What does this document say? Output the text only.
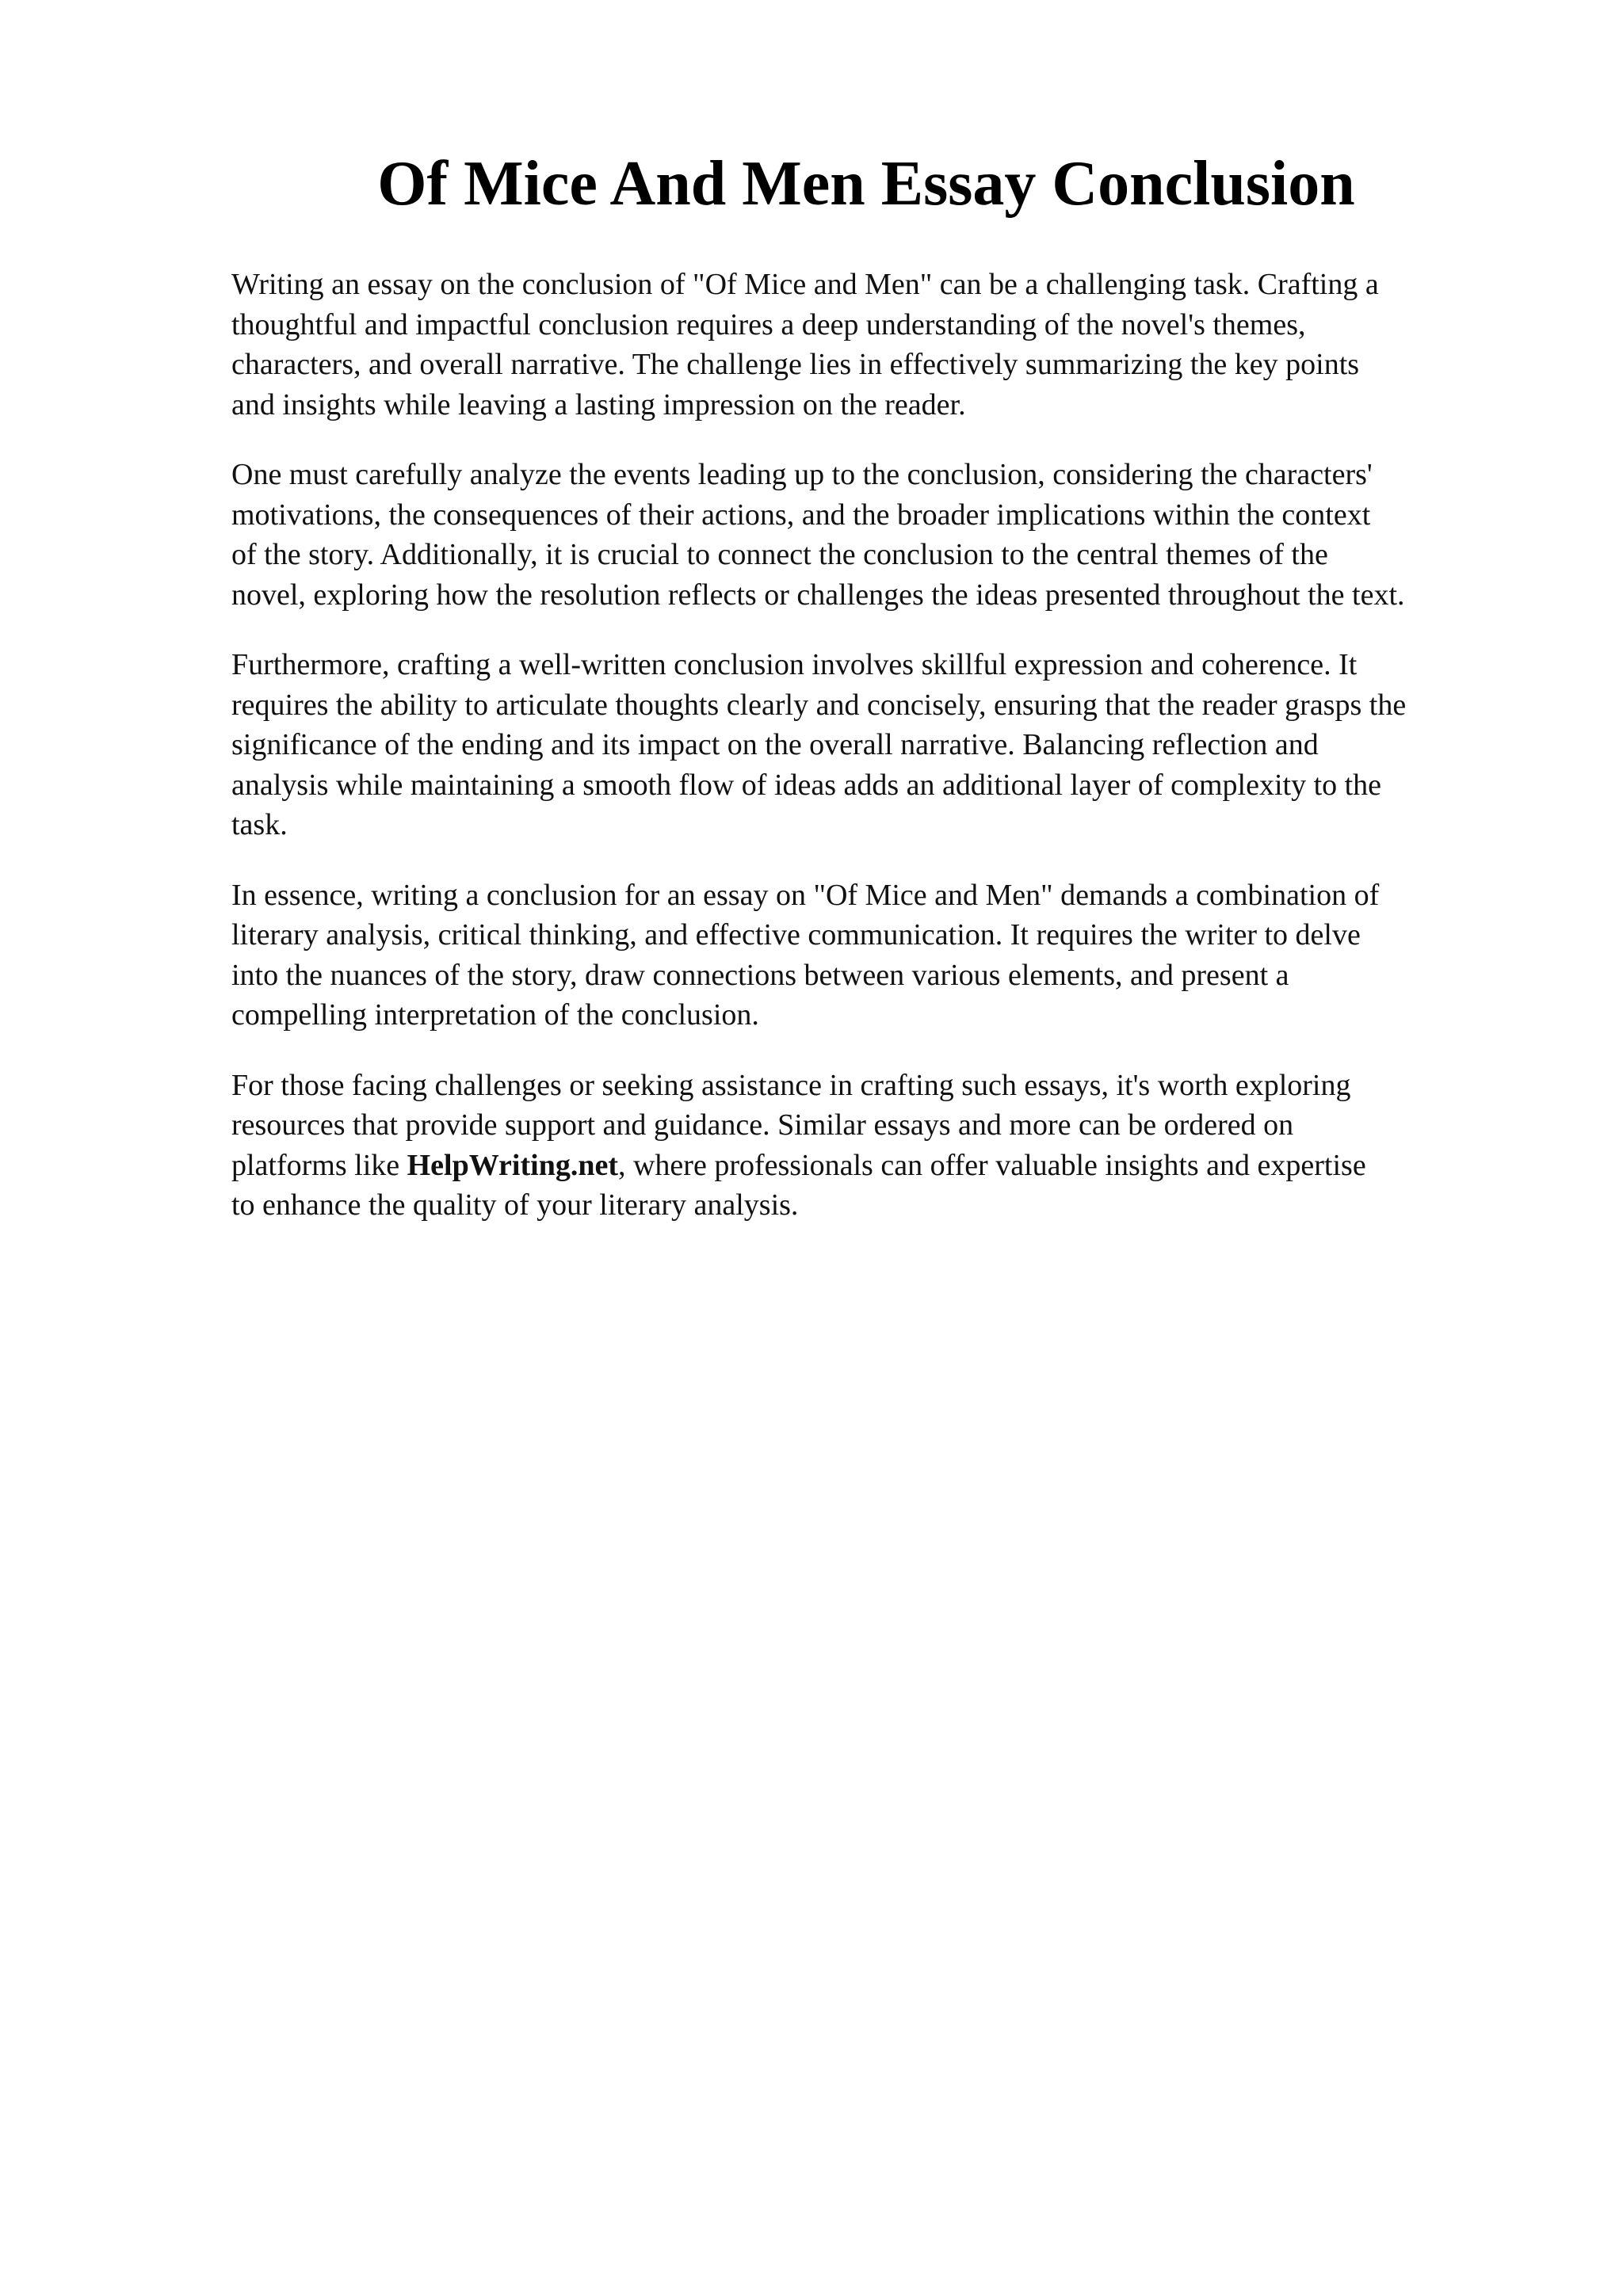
Of Mice And Men Essay Conclusion

Writing an essay on the conclusion of "Of Mice and Men" can be a challenging task. Crafting a
thoughtful and impactful conclusion requires a deep understanding of the novel's themes,
characters, and overall narrative. The challenge lies in effectively summarizing the key points
and insights while leaving a lasting impression on the reader.

One must carefully analyze the events leading up to the conclusion, considering the characters'
motivations, the consequences of their actions, and the broader implications within the context
of the story. Additionally, it is crucial to connect the conclusion to the central themes of the
novel, exploring how the resolution reflects or challenges the ideas presented throughout the text.

Furthermore, crafting a well-written conclusion involves skillful expression and coherence. It
requires the ability to articulate thoughts clearly and concisely, ensuring that the reader grasps the
significance of the ending and its impact on the overall narrative. Balancing reflection and
analysis while maintaining a smooth flow of ideas adds an additional layer of complexity to the
task.

In essence, writing a conclusion for an essay on "Of Mice and Men" demands a combination of
literary analysis, critical thinking, and effective communication. It requires the writer to delve
into the nuances of the story, draw connections between various elements, and present a
compelling interpretation of the conclusion.

For those facing challenges or seeking assistance in crafting such essays, it's worth exploring
resources that provide support and guidance. Similar essays and more can be ordered on
platforms like HelpWriting.net, where professionals can offer valuable insights and expertise
to enhance the quality of your literary analysis.
